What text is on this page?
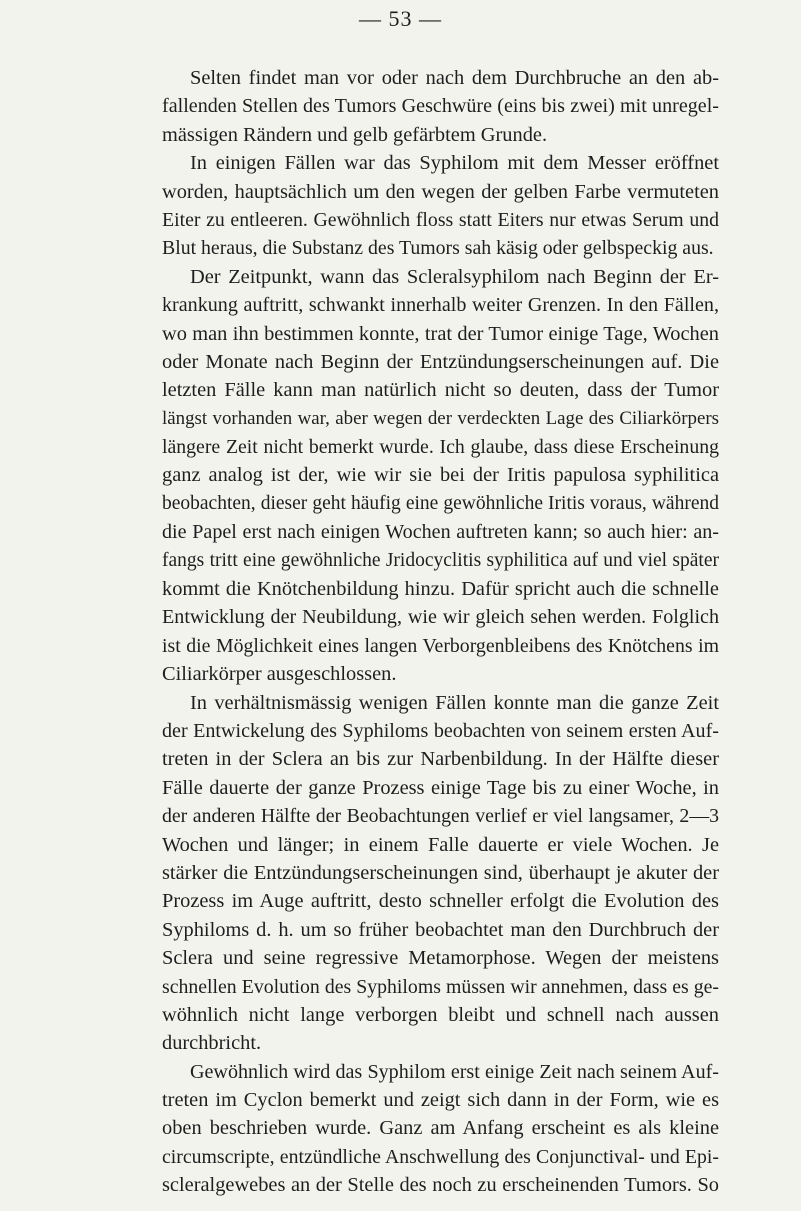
— 53 —
Selten findet man vor oder nach dem Durchbruche an den ab-
fallenden Stellen des Tumors Geschwüre (eins bis zwei) mit unregel-
mässigen Rändern und gelb gefärbtem Grunde.
In einigen Fällen war das Syphilom mit dem Messer eröffnet
worden, hauptsächlich um den wegen der gelben Farbe vermuteten
Eiter zu entleeren. Gewöhnlich floss statt Eiters nur etwas Serum und
Blut heraus, die Substanz des Tumors sah käsig oder gelbspeckig aus.
Der Zeitpunkt, wann das Scleralsyphilom nach Beginn der Er-
krankung auftritt, schwankt innerhalb weiter Grenzen. In den Fällen,
wo man ihn bestimmen konnte, trat der Tumor einige Tage, Wochen
oder Monate nach Beginn der Entzündungserscheinungen auf. Die
letzten Fälle kann man natürlich nicht so deuten, dass der Tumor
längst vorhanden war, aber wegen der verdeckten Lage des Ciliarkörpers
längere Zeit nicht bemerkt wurde. Ich glaube, dass diese Erscheinung
ganz analog ist der, wie wir sie bei der Iritis papulosa syphilitica
beobachten, dieser geht häufig eine gewöhnliche Iritis voraus, während
die Papel erst nach einigen Wochen auftreten kann; so auch hier: an-
fangs tritt eine gewöhnliche Jridocyclitis syphilitica auf und viel später
kommt die Knötchenbildung hinzu. Dafür spricht auch die schnelle
Entwicklung der Neubildung, wie wir gleich sehen werden. Folglich
ist die Möglichkeit eines langen Verborgenbleibens des Knötchens im
Ciliarkörper ausgeschlossen.
In verhältnismässig wenigen Fällen konnte man die ganze Zeit
der Entwickelung des Syphiloms beobachten von seinem ersten Auf-
treten in der Sclera an bis zur Narbenbildung. In der Hälfte dieser
Fälle dauerte der ganze Prozess einige Tage bis zu einer Woche, in
der anderen Hälfte der Beobachtungen verlief er viel langsamer, 2—3
Wochen und länger; in einem Falle dauerte er viele Wochen. Je
stärker die Entzündungserscheinungen sind, überhaupt je akuter der
Prozess im Auge auftritt, desto schneller erfolgt die Evolution des
Syphiloms d. h. um so früher beobachtet man den Durchbruch der
Sclera und seine regressive Metamorphose. Wegen der meistens
schnellen Evolution des Syphiloms müssen wir annehmen, dass es ge-
wöhnlich nicht lange verborgen bleibt und schnell nach aussen
durchbricht.
Gewöhnlich wird das Syphilom erst einige Zeit nach seinem Auf-
treten im Cyclon bemerkt und zeigt sich dann in der Form, wie es
oben beschrieben wurde. Ganz am Anfang erscheint es als kleine
circumscripte, entzündliche Anschwellung des Conjunctival- und Epi-
scleralgewebes an der Stelle des noch zu erscheinenden Tumors. So
